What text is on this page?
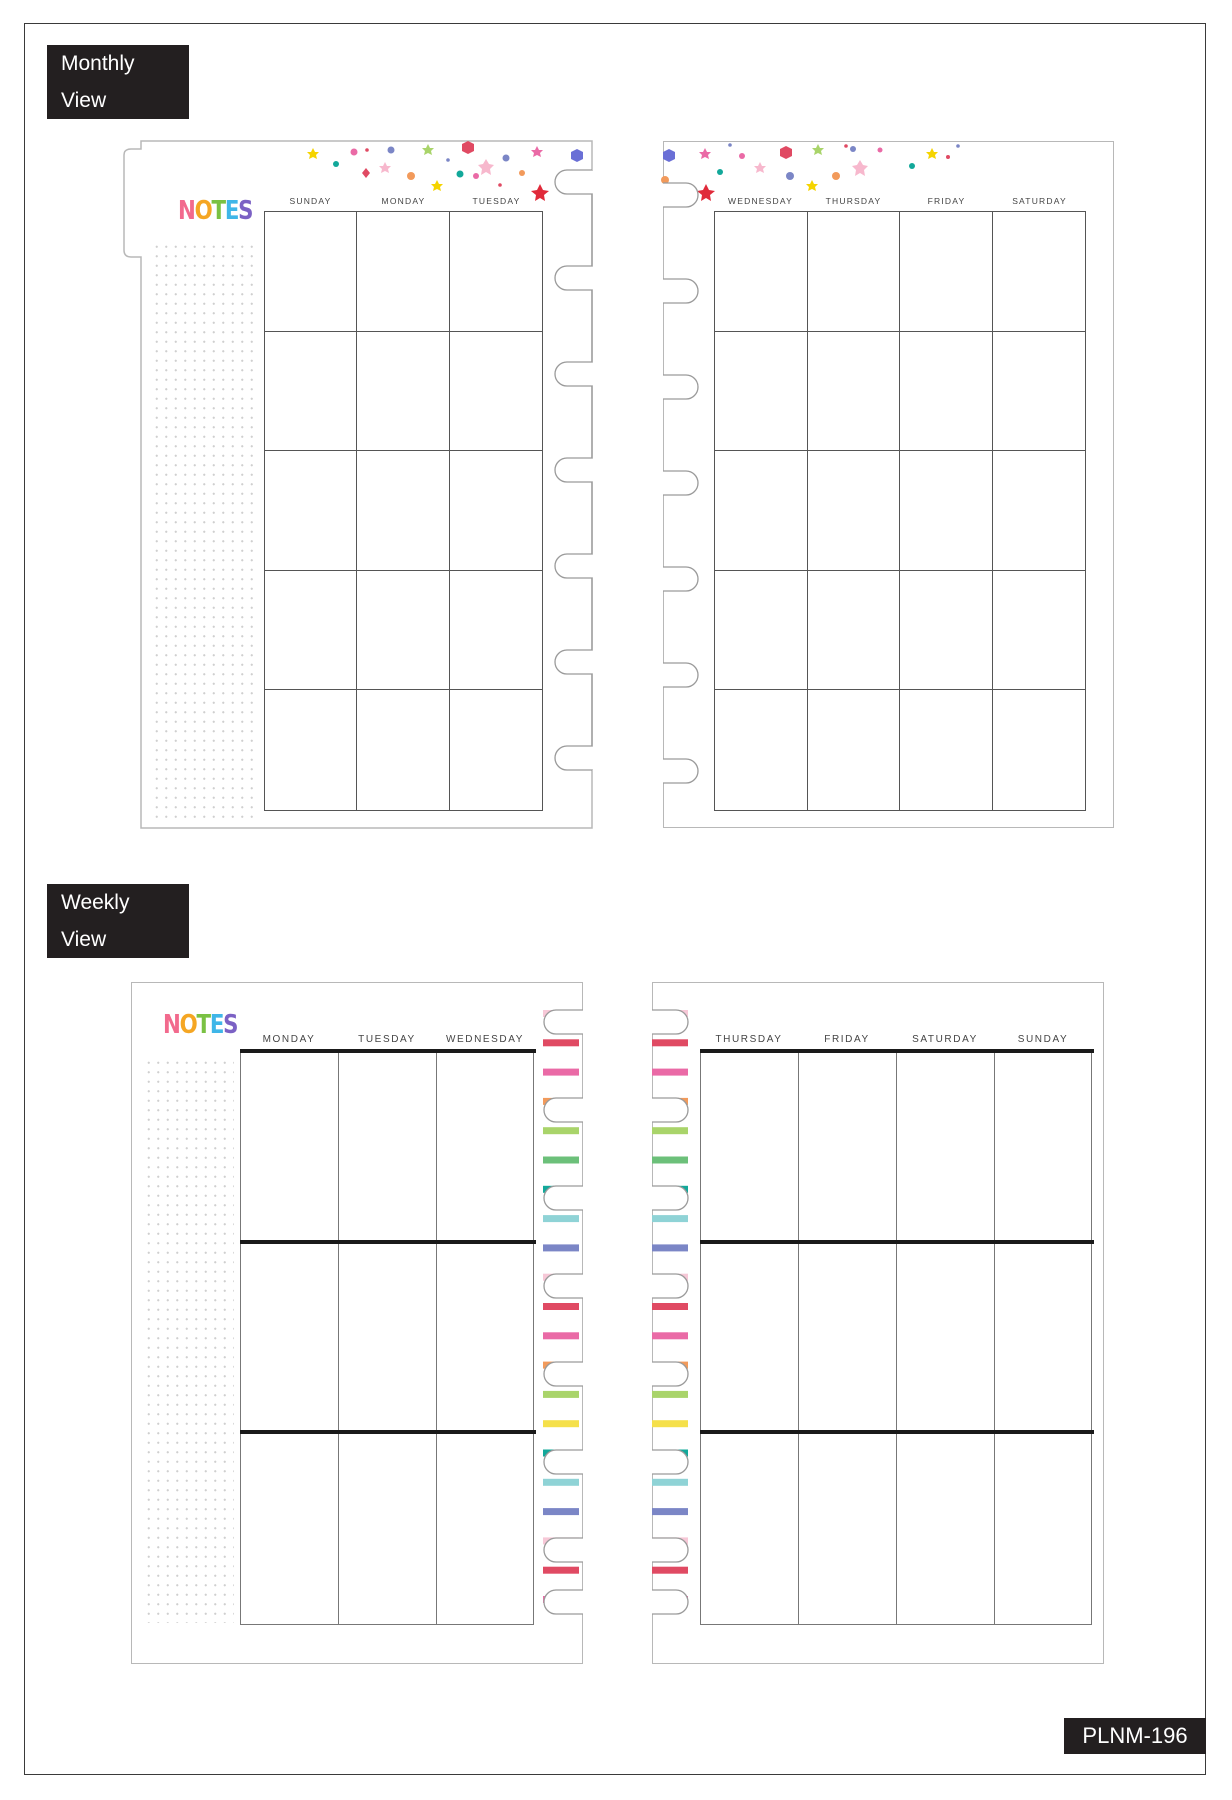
Monthly View
NOTES	SUNDAY	MONDAY	TUESDAY	WEDNESDAY	THURSDAY	FRIDAY	SATURDAY
Weekly View
NOTES	MONDAY	TUESDAY	WEDNESDAY	THURSDAY	FRIDAY	SATURDAY	SUNDAY
PLNM-196
